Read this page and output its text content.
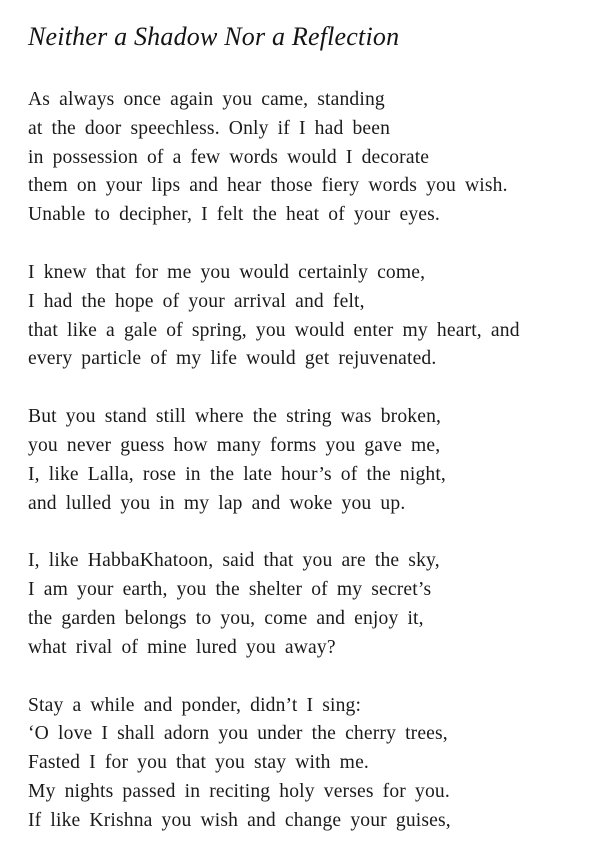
Neither a Shadow Nor a Reflection
As always once again you came, standing
at the door speechless. Only if I had been
in possession of a few words would I decorate
them on your lips and hear those fiery words you wish.
Unable to decipher, I felt the heat of your eyes.
I knew that for me you would certainly come,
I had the hope of your arrival and felt,
that like a gale of spring, you would enter my heart, and
every particle of my life would get rejuvenated.
But you stand still where the string was broken,
you never guess how many forms you gave me,
I, like Lalla, rose in the late hour’s of the night,
and lulled you in my lap and woke you up.
I, like HabbaKhatoon, said that you are the sky,
I am your earth, you the shelter of my secret’s
the garden belongs to you, come and enjoy it,
what rival of mine lured you away?
Stay a while and ponder, didn’t I sing:
‘O love I shall adorn you under the cherry trees,
Fasted I for you that you stay with me.
My nights passed in reciting holy verses for you.
If like Krishna you wish and change your guises,
